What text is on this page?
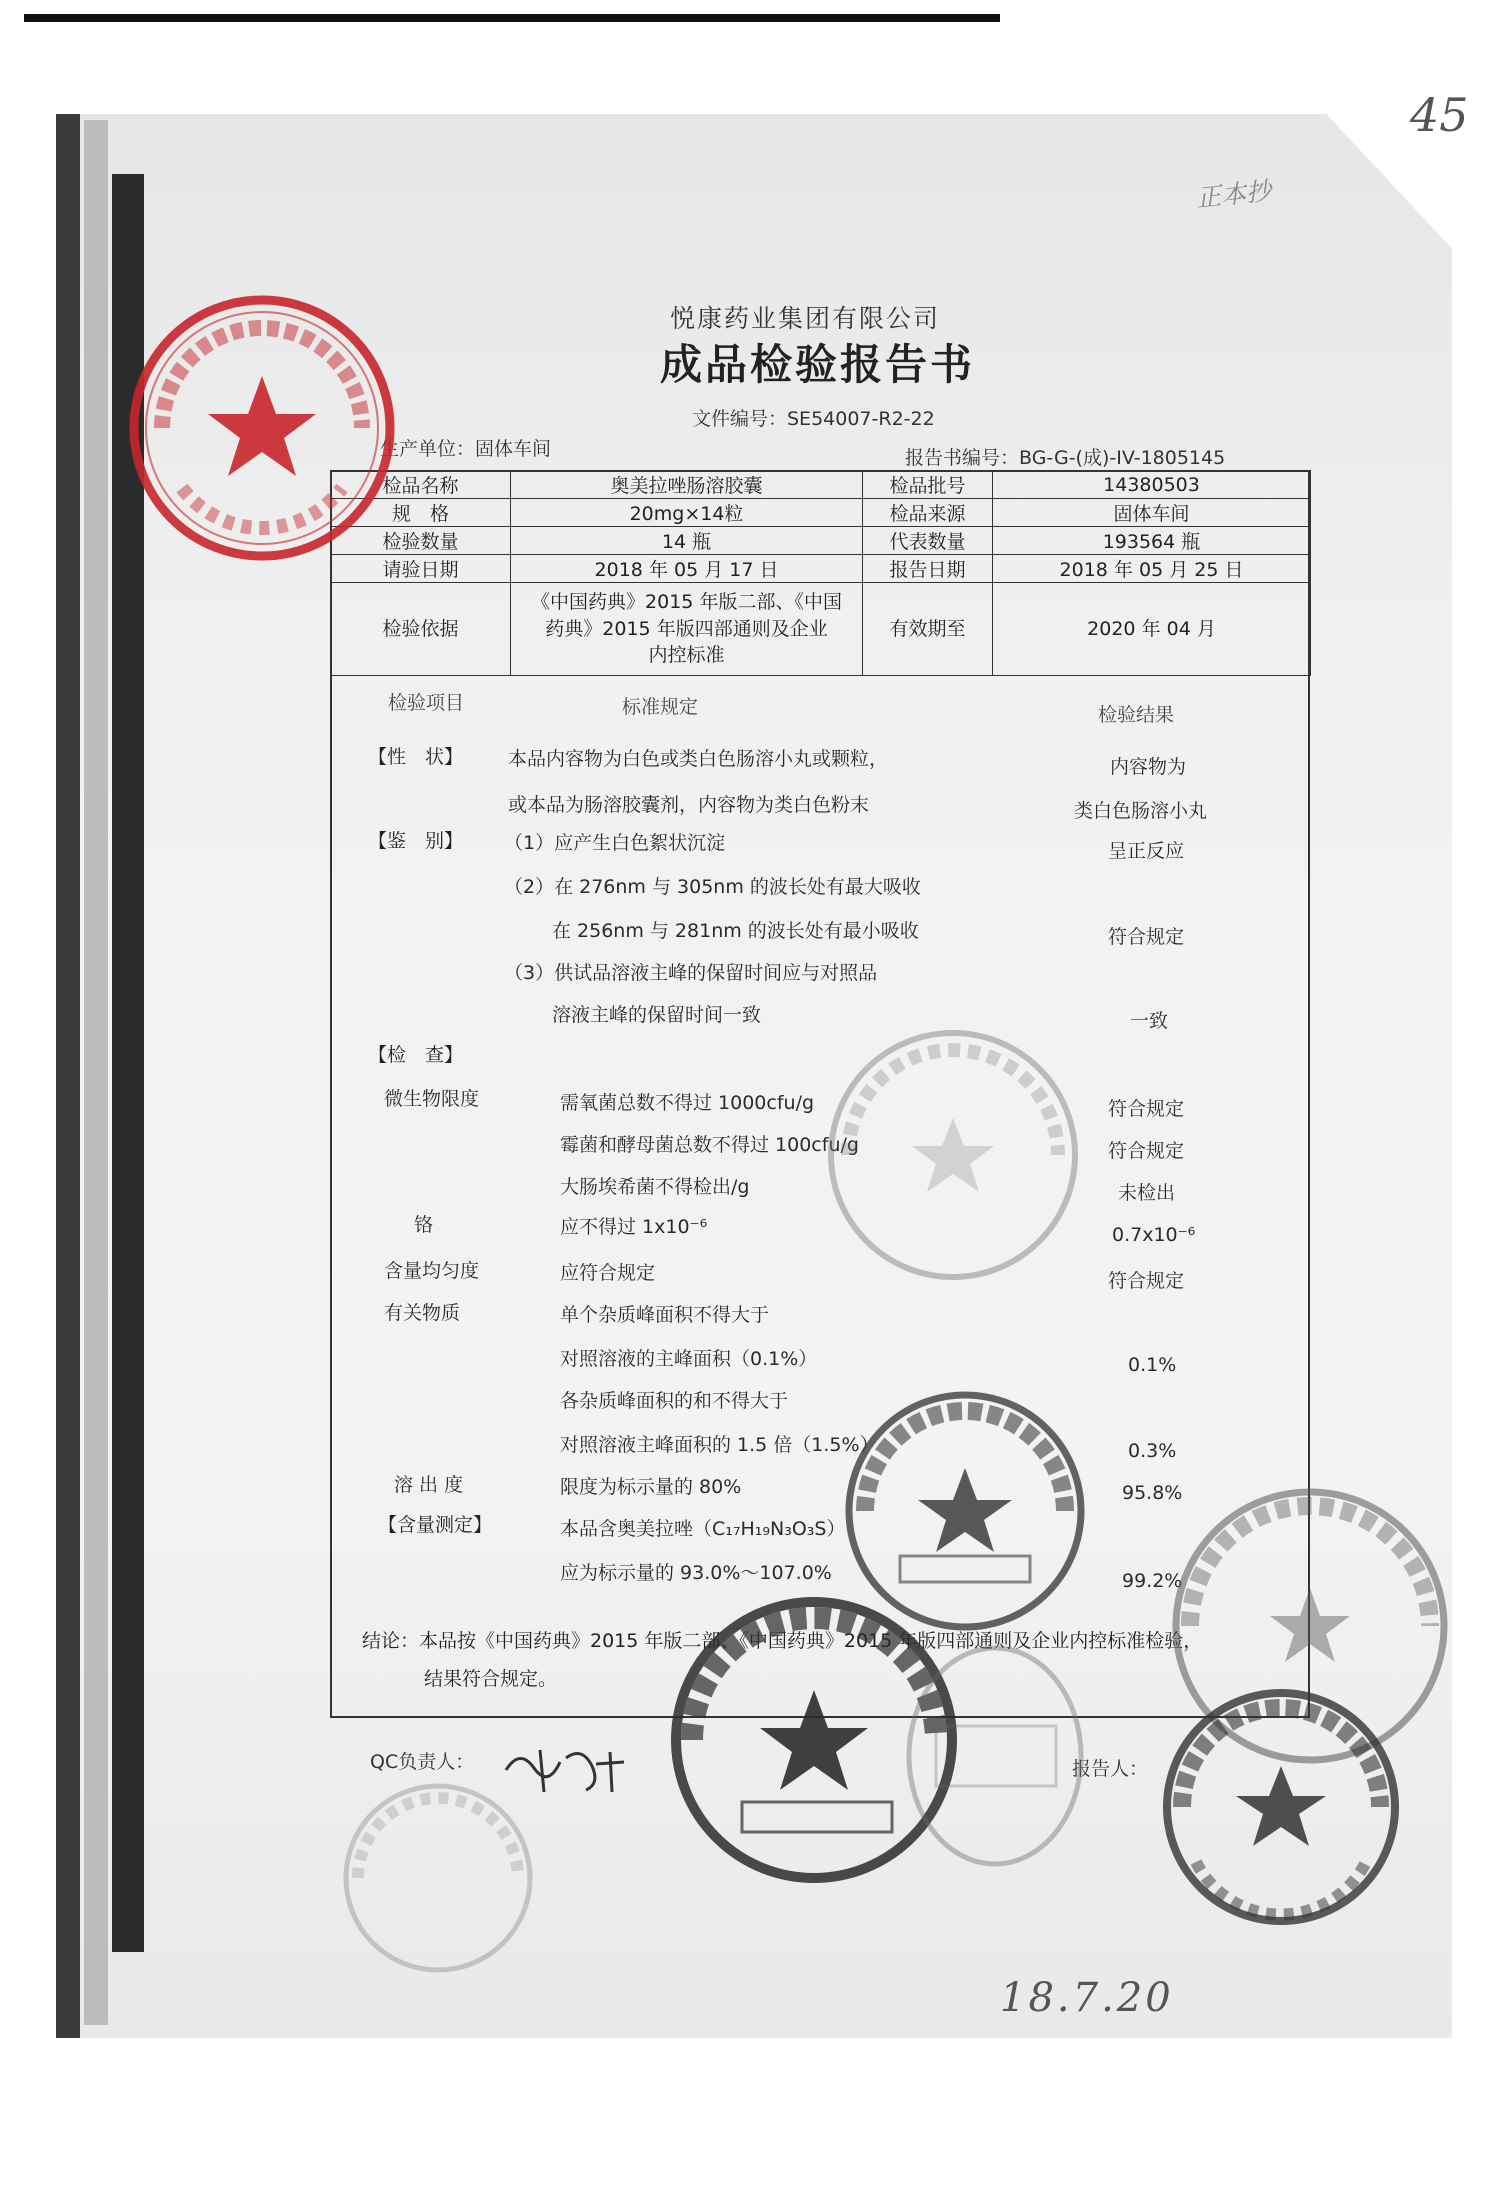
45
正本抄
悦康药业集团有限公司
成品检验报告书
文件编号：SE54007-R2-22
生产单位：固体车间	报告书编号：BG-G-(成)-IV-1805145
检品名称	奥美拉唑肠溶胶囊	检品批号	14380503
规　格	20mg×14粒	检品来源	固体车间
检验数量	14 瓶	代表数量	193564 瓶
请验日期	2018 年 05 月 17 日	报告日期	2018 年 05 月 25 日
检验依据	《中国药典》2015 年版二部、《中国
药典》2015 年版四部通则及企业
内控标准	有效期至	2020 年 04 月
检验项目	标准规定	检验结果
【性　状】 本品内容物为白色或类白色肠溶小丸或颗粒，	内容物为
或本品为肠溶胶囊剂，内容物为类白色粉末	类白色肠溶小丸
【鉴　别】 （1）应产生白色絮状沉淀	呈正反应
（2）在 276nm 与 305nm 的波长处有最大吸收
在 256nm 与 281nm 的波长处有最小吸收	符合规定
（3）供试品溶液主峰的保留时间应与对照品
溶液主峰的保留时间一致	一致
【检　查】
微生物限度	需氧菌总数不得过 1000cfu/g	符合规定
霉菌和酵母菌总数不得过 100cfu/g	符合规定
大肠埃希菌不得检出/g	未检出
铬	应不得过 1x10⁻⁶	0.7x10⁻⁶
含量均匀度	应符合规定	符合规定
有关物质	单个杂质峰面积不得大于
对照溶液的主峰面积（0.1%）	0.1%
各杂质峰面积的和不得大于
对照溶液主峰面积的 1.5 倍（1.5%）	0.3%
溶 出 度	限度为标示量的 80%	95.8%
【含量测定】	本品含奥美拉唑（C₁₇H₁₉N₃O₃S）
应为标示量的 93.0%～107.0%	99.2%
结论：本品按《中国药典》2015 年版二部、《中国药典》2015 年版四部通则及企业内控标准检验，
结果符合规定。
QC负责人：	报告人：
18.7.20
